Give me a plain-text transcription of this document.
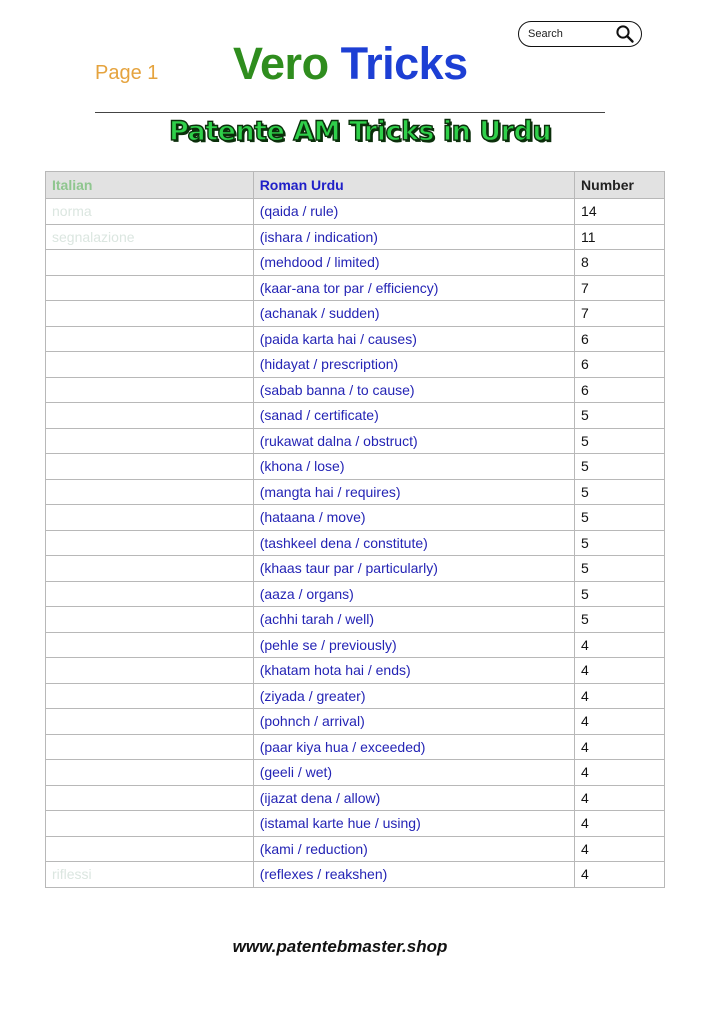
Search
Page 1 Vero Tricks
Patente AM Tricks in Urdu
Italian	Roman Urdu	Number
norma	(qaida / rule)	14
segnalazione	(ishara / indication)	11
	(mehdood / limited)	8
	(kaar-ana tor par / efficiency)	7
	(achanak / sudden)	7
	(paida karta hai / causes)	6
	(hidayat / prescription)	6
	(sabab banna / to cause)	6
	(sanad / certificate)	5
	(rukawat dalna / obstruct)	5
	(khona / lose)	5
	(mangta hai / requires)	5
	(hataana / move)	5
	(tashkeel dena / constitute)	5
	(khaas taur par / particularly)	5
	(aaza / organs)	5
	(achhi tarah / well)	5
	(pehle se / previously)	4
	(khatam hota hai / ends)	4
	(ziyada / greater)	4
	(pohnch / arrival)	4
	(paar kiya hua / exceeded)	4
	(geeli / wet)	4
	(ijazat dena / allow)	4
	(istamal karte hue / using)	4
	(kami / reduction)	4
riflessi	(reflexes / reakshen)	4
www.patentebmaster.shop
